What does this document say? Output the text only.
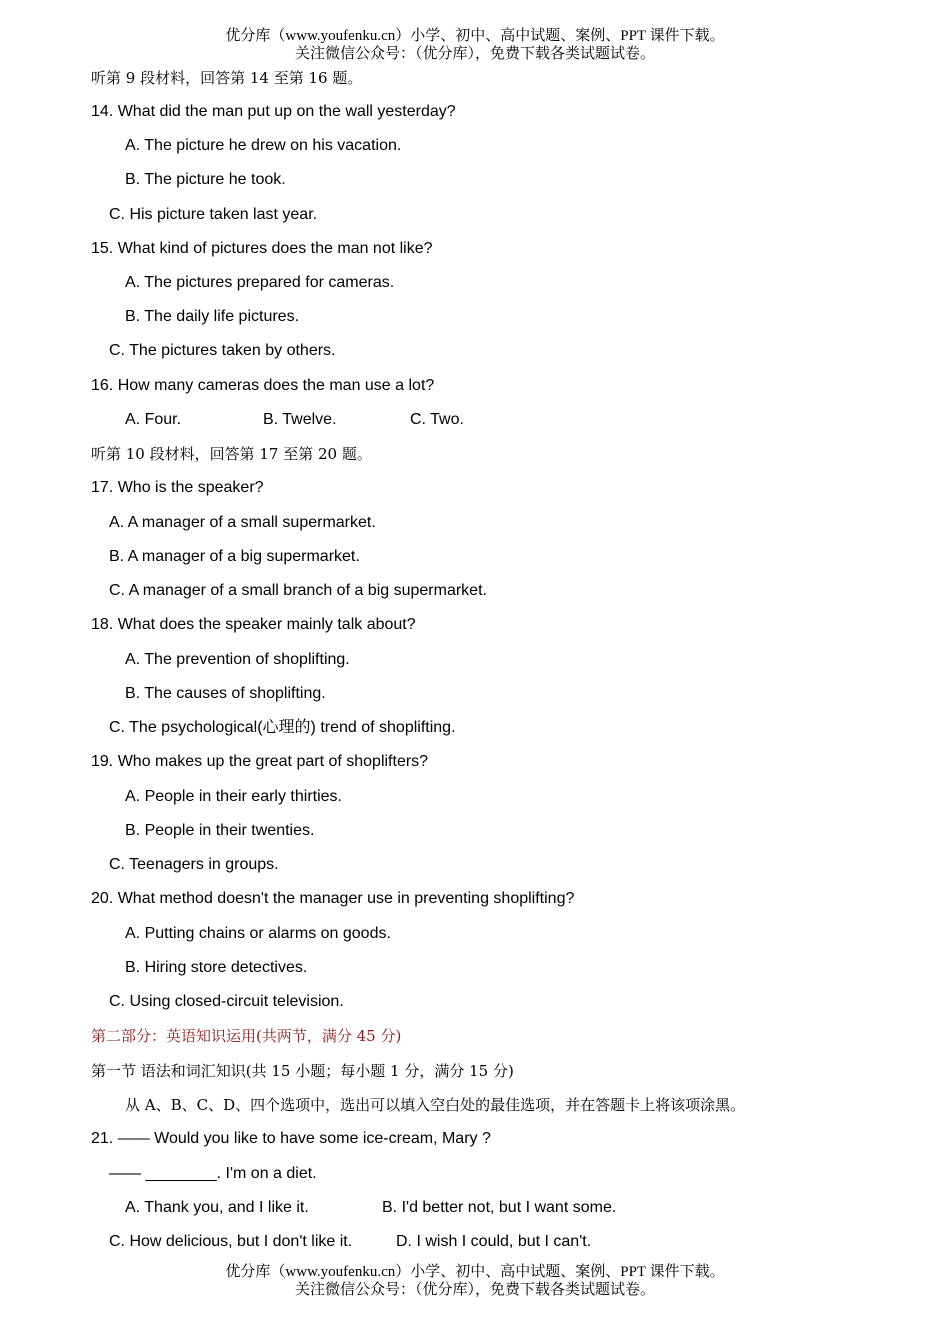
优分库（www.youfenku.cn）小学、初中、高中试题、案例、PPT 课件下载。
关注微信公众号：（优分库），免费下载各类试题试卷。
听第 9 段材料，回答第 14 至第 16 题。
14. What did the man put up on the wall yesterday?
A. The picture he drew on his vacation.
B. The picture he took.
C. His picture taken last year.
15. What kind of pictures does the man not like?
A. The pictures prepared for cameras.
B. The daily life pictures.
C. The pictures taken by others.
16. How many cameras does the man use a lot?
A. Four.	B. Twelve.	C. Two.
听第 10 段材料，回答第 17 至第 20 题。
17. Who is the speaker?
A. A manager of a small supermarket.
B. A manager of a big supermarket.
C. A manager of a small branch of a big supermarket.
18. What does the speaker mainly talk about?
A. The prevention of shoplifting.
B. The causes of shoplifting.
C. The psychological(心理的) trend of shoplifting.
19. Who makes up the great part of shoplifters?
A. People in their early thirties.
B. People in their twenties.
C. Teenagers in groups.
20. What method doesn't the manager use in preventing shoplifting?
A. Putting chains or alarms on goods.
B. Hiring store detectives.
C. Using closed-circuit television.
第二部分：英语知识运用(共两节，满分 45 分)
第一节 语法和词汇知识(共 15 小题；每小题 1 分，满分 15 分)
从 A、B、C、D、四个选项中，选出可以填入空白处的最佳选项，并在答题卡上将该项涂黑。
21. —— Would you like to have some ice-cream, Mary ?
—— ________. I'm on a diet.
A. Thank you, and I like it.	B. I'd better not, but I want some.
C. How delicious, but I don't like it.	D. I wish I could, but I can't.
优分库（www.youfenku.cn）小学、初中、高中试题、案例、PPT 课件下载。
关注微信公众号：（优分库），免费下载各类试题试卷。
